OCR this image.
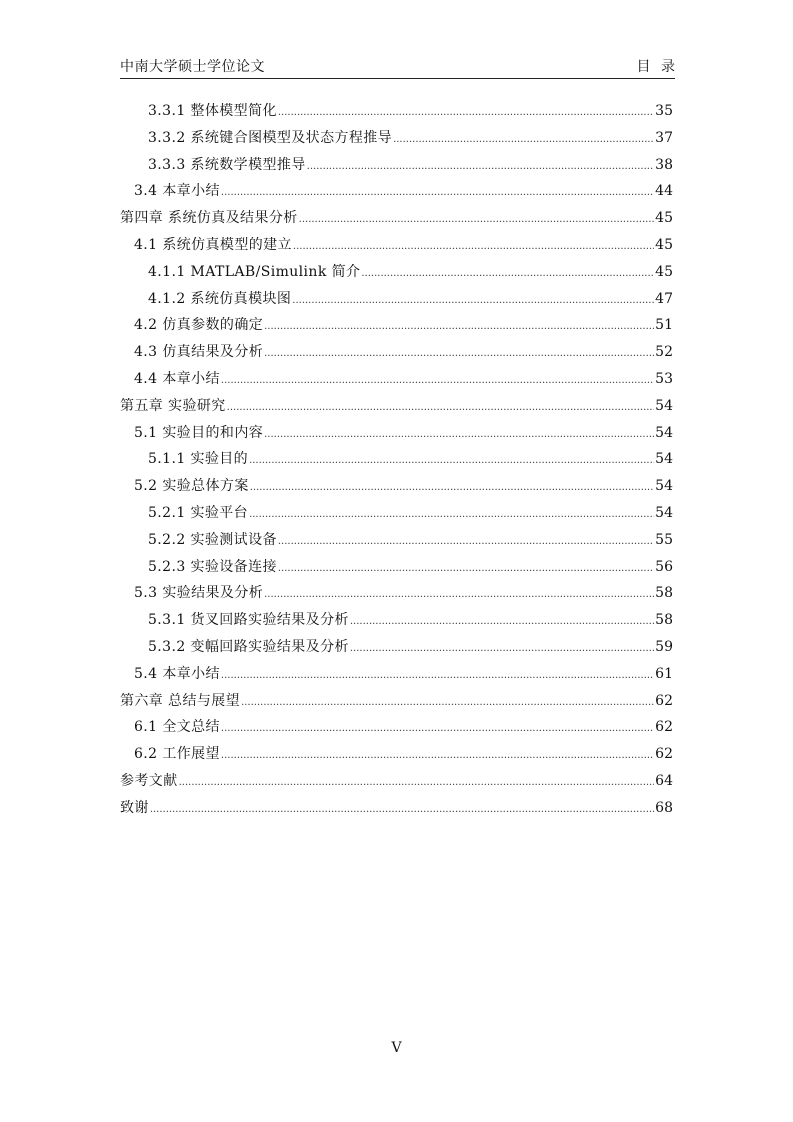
中南大学硕士学位论文	目 录
3.3.1 整体模型简化 .....	35
3.3.2 系统键合图模型及状态方程推导 .....	37
3.3.3 系统数学模型推导 .....	38
3.4 本章小结 .....	44
第四章 系统仿真及结果分析 .....	45
4.1 系统仿真模型的建立 .....	45
4.1.1 MATLAB/Simulink 简介 .....	45
4.1.2 系统仿真模块图 .....	47
4.2 仿真参数的确定 .....	51
4.3 仿真结果及分析 .....	52
4.4 本章小结 .....	53
第五章 实验研究 .....	54
5.1 实验目的和内容 .....	54
5.1.1 实验目的 .....	54
5.2 实验总体方案 .....	54
5.2.1 实验平台 .....	54
5.2.2 实验测试设备 .....	55
5.2.3 实验设备连接 .....	56
5.3 实验结果及分析 .....	58
5.3.1 货叉回路实验结果及分析 .....	58
5.3.2 变幅回路实验结果及分析 .....	59
5.4 本章小结 .....	61
第六章 总结与展望 .....	62
6.1 全文总结 .....	62
6.2 工作展望 .....	62
参考文献 .....	64
致谢 .....	68
V
